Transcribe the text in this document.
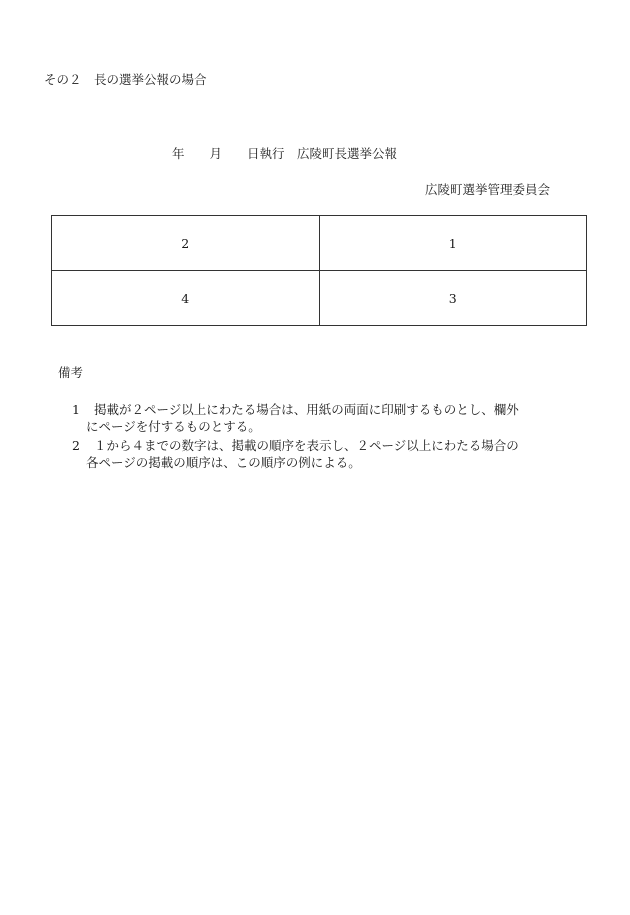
その２　長の選挙公報の場合
年　　月　　日執行　広陵町長選挙公報
広陵町選挙管理委員会
2	1
4	3
備考
1 掲載が２ページ以上にわたる場合は、用紙の両面に印刷するものとし、欄外
にページを付するものとする。
2 １から４までの数字は、掲載の順序を表示し、２ページ以上にわたる場合の
各ページの掲載の順序は、この順序の例による。
